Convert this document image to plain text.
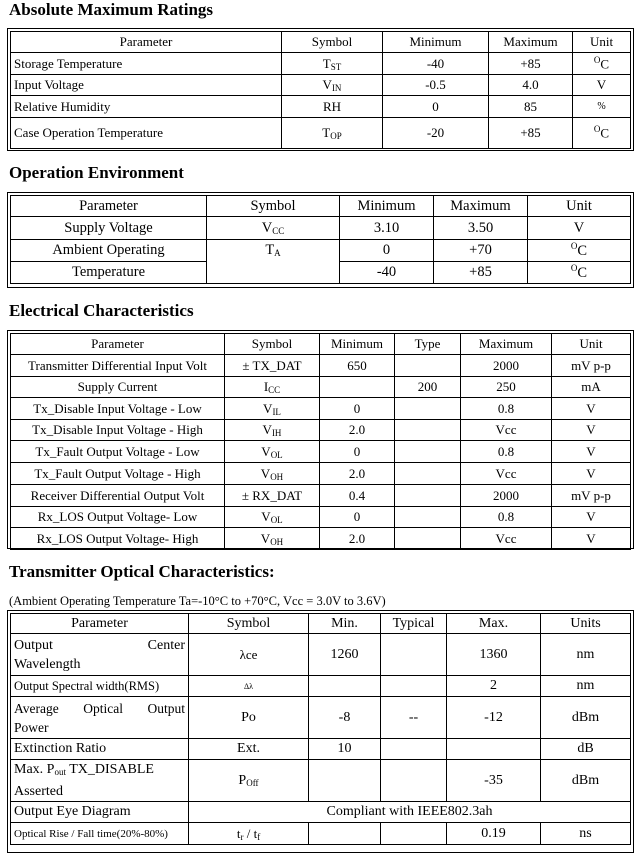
Absolute Maximum Ratings
Parameter	Symbol	Minimum	Maximum	Unit
Storage Temperature	$T_{ST}$	-40	+85	$^O$C
Input Voltage	$V_{IN}$	-0.5	4.0	V
Relative Humidity	RH	0	85	%
Case Operation Temperature	$T_{OP}$	-20	+85	$^O$C
Operation Environment
Parameter	Symbol	Minimum	Maximum	Unit
Supply Voltage	$V_{CC}$	3.10	3.50	V
Ambient Operating	$T_A$	0	+70	$^O$C
Temperature		-40	+85	$^O$C
Electrical Characteristics
Parameter	Symbol	Minimum	Type	Maximum	Unit
Transmitter Differential Input Volt	± TX_DAT	650		2000	mV p-p
Supply Current	$I_{CC}$		200	250	mA
Tx_Disable Input Voltage - Low	$V_{IL}$	0		0.8	V
Tx_Disable Input Voltage - High	$V_{IH}$	2.0		Vcc	V
Tx_Fault Output Voltage - Low	$V_{OL}$	0		0.8	V
Tx_Fault Output Voltage - High	$V_{OH}$	2.0		Vcc	V
Receiver Differential Output Volt	± RX_DAT	0.4		2000	mV p-p
Rx_LOS Output Voltage- Low	$V_{OL}$	0		0.8	V
Rx_LOS Output Voltage- High	$V_{OH}$	2.0		Vcc	V
Transmitter Optical Characteristics:

(Ambient Operating Temperature Ta=-10°C to +70°C, Vcc = 3.0V to 3.6V)

Parameter	Symbol	Min.	Typical	Max.	Units

Output Center
Wavelength	λce	1260		1360	nm
Output Spectral width(RMS)	Δλ			2	nm

Average Optical Output
Power	Po	-8	--	-12	dBm
Extinction Ratio	Ext.	10			dB

Max. $P_{out}$ TX_DISABLE
Asserted	$P_{Off}$			-35	dBm
Output Eye Diagram	Compliant with IEEE802.3ah				
Optical Rise / Fall time(20%-80%)	$t_r / t_f$			0.19	ns
